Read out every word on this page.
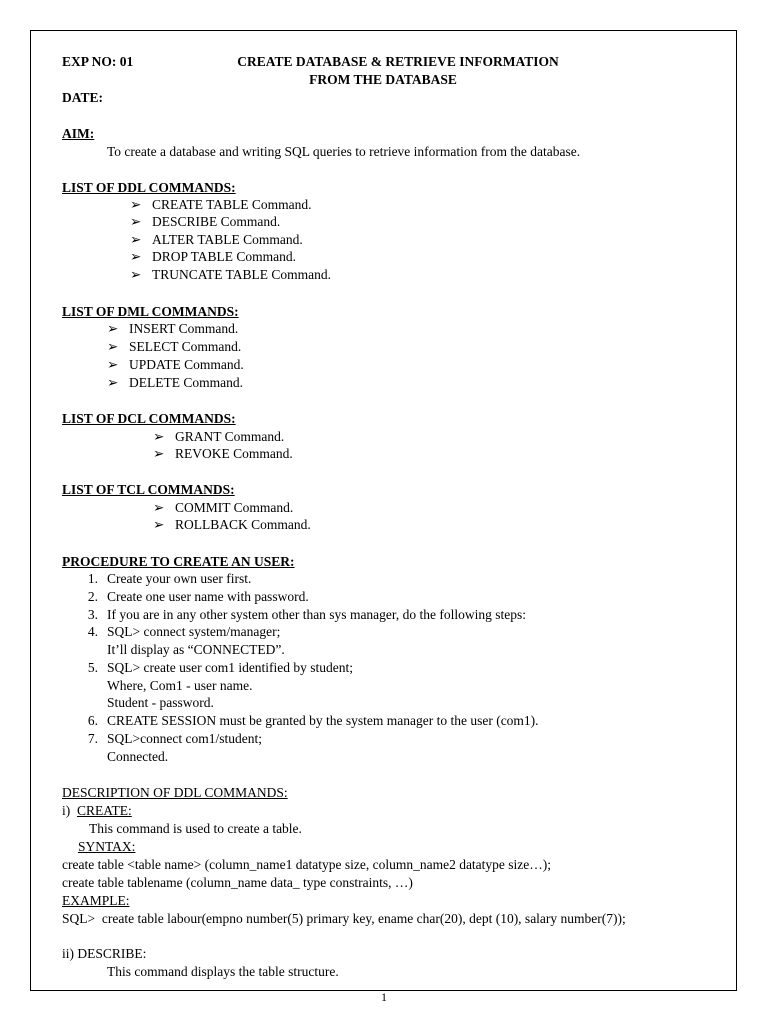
EXP NO: 01	CREATE DATABASE & RETRIEVE INFORMATION
FROM THE DATABASE
DATE:
AIM:
To create a database and writing SQL queries to retrieve information from the database.
LIST OF DDL COMMANDS:
➢ CREATE TABLE Command.
➢ DESCRIBE Command.
➢ ALTER TABLE Command.
➢ DROP TABLE Command.
➢ TRUNCATE TABLE Command.
LIST OF DML COMMANDS:
➢ INSERT Command.
➢ SELECT Command.
➢ UPDATE Command.
➢ DELETE Command.
LIST OF DCL COMMANDS:
➢ GRANT Command.
➢ REVOKE Command.
LIST OF TCL COMMANDS:
➢ COMMIT Command.
➢ ROLLBACK Command.
PROCEDURE TO CREATE AN USER:
1. Create your own user first.
2. Create one user name with password.
3. If you are in any other system other than sys manager, do the following steps:
4. SQL> connect system/manager;
It’ll display as “CONNECTED”.
5. SQL> create user com1 identified by student;
Where, Com1 - user name.
Student - password.
6. CREATE SESSION must be granted by the system manager to the user (com1).
7. SQL>connect com1/student;
Connected.
DESCRIPTION OF DDL COMMANDS:
i) CREATE:
This command is used to create a table.
SYNTAX:
create table <table name> (column_name1 datatype size, column_name2 datatype size…);
create table tablename (column_name data_ type constraints, …)
EXAMPLE:
SQL> create table labour(empno number(5) primary key, ename char(20), dept (10), salary number(7));
ii) DESCRIBE:
This command displays the table structure.
1
